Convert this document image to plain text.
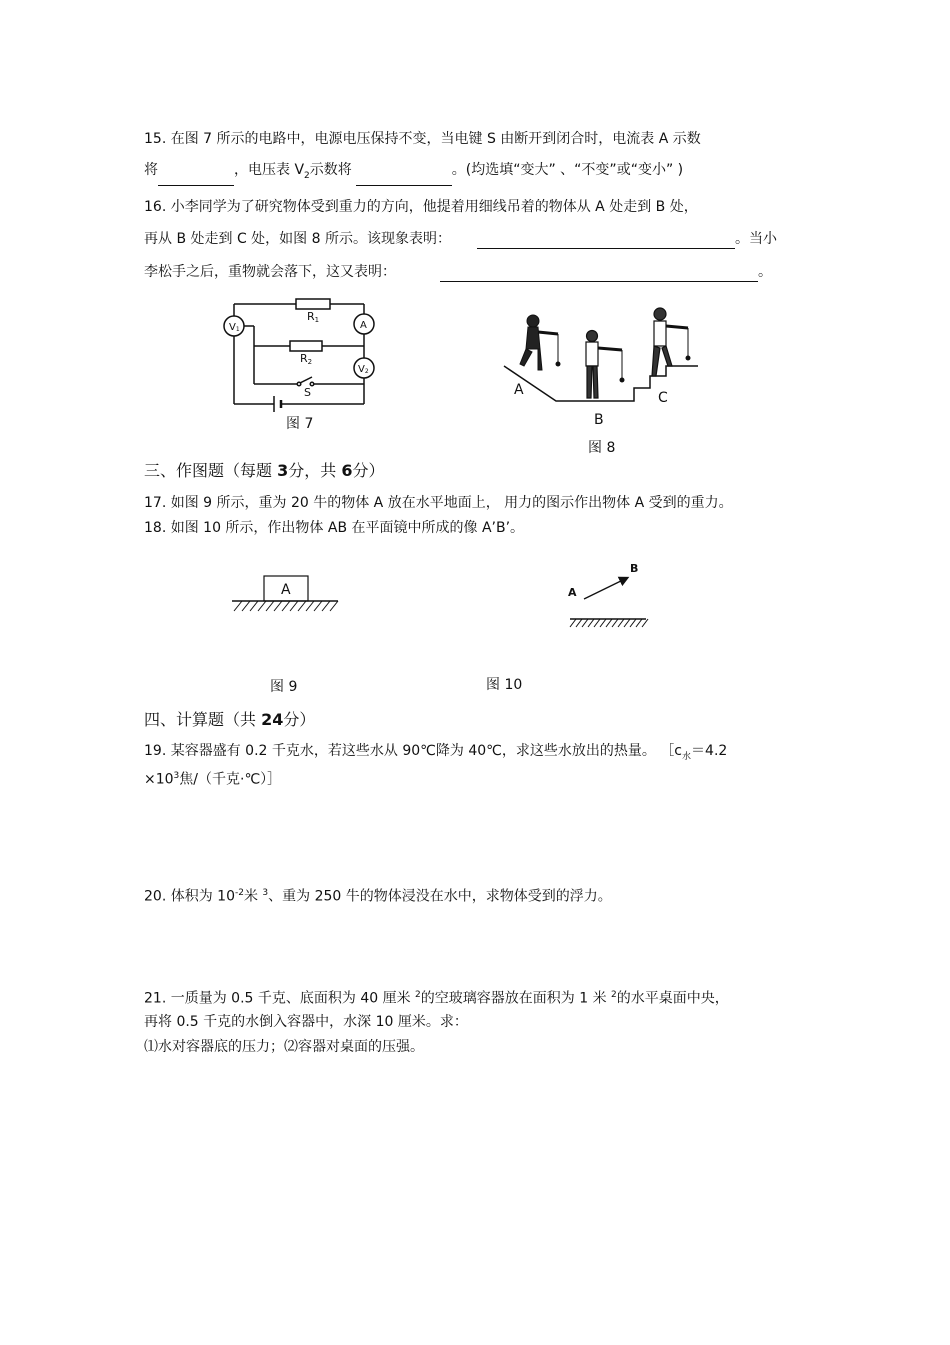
15. 在图 7 所示的电路中，电源电压保持不变，当电键 S 由断开到闭合时，电流表 A 示数
将	，电压表 $V_2$示数将	。(均选填“变大” 、“不变”或“变小” )
16. 小李同学为了研究物体受到重力的方向，他提着用细线吊着的物体从 A 处走到 B 处，
再从 B 处走到 C 处，如图 8 所示。该现象表明：	。当小
李松手之后，重物就会落下，这又表明：	。
R1
R2
V1	A
V2
S
图 7
A
B
C
图 8
三、作图题（每题 3分，共 6分）
17. 如图 9 所示，重为 20 牛的物体 A 放在水平地面上， 用力的图示作出物体 A 受到的重力。
18. 如图 10 所示，作出物体 AB 在平面镜中所成的像 A’B’。
A
图 9
A
B
图 10
四、计算题（共 24分）
19. 某容器盛有 0.2 千克水，若这些水从 90℃降为 40℃，求这些水放出的热量。 $[c_水=4.2$
$\times 10^3$焦/（千克·℃）］
20. 体积为 $10^{-2}$米 $^3$、重为 250 牛的物体浸没在水中，求物体受到的浮力。
21. 一质量为 0.5 千克、底面积为 40 厘米 $^2$的空玻璃容器放在面积为 1 米 $^2$的水平桌面中央，
再将 0.5 千克的水倒入容器中，水深 10 厘米。求：
⑴水对容器底的压力；⑵容器对桌面的压强。
